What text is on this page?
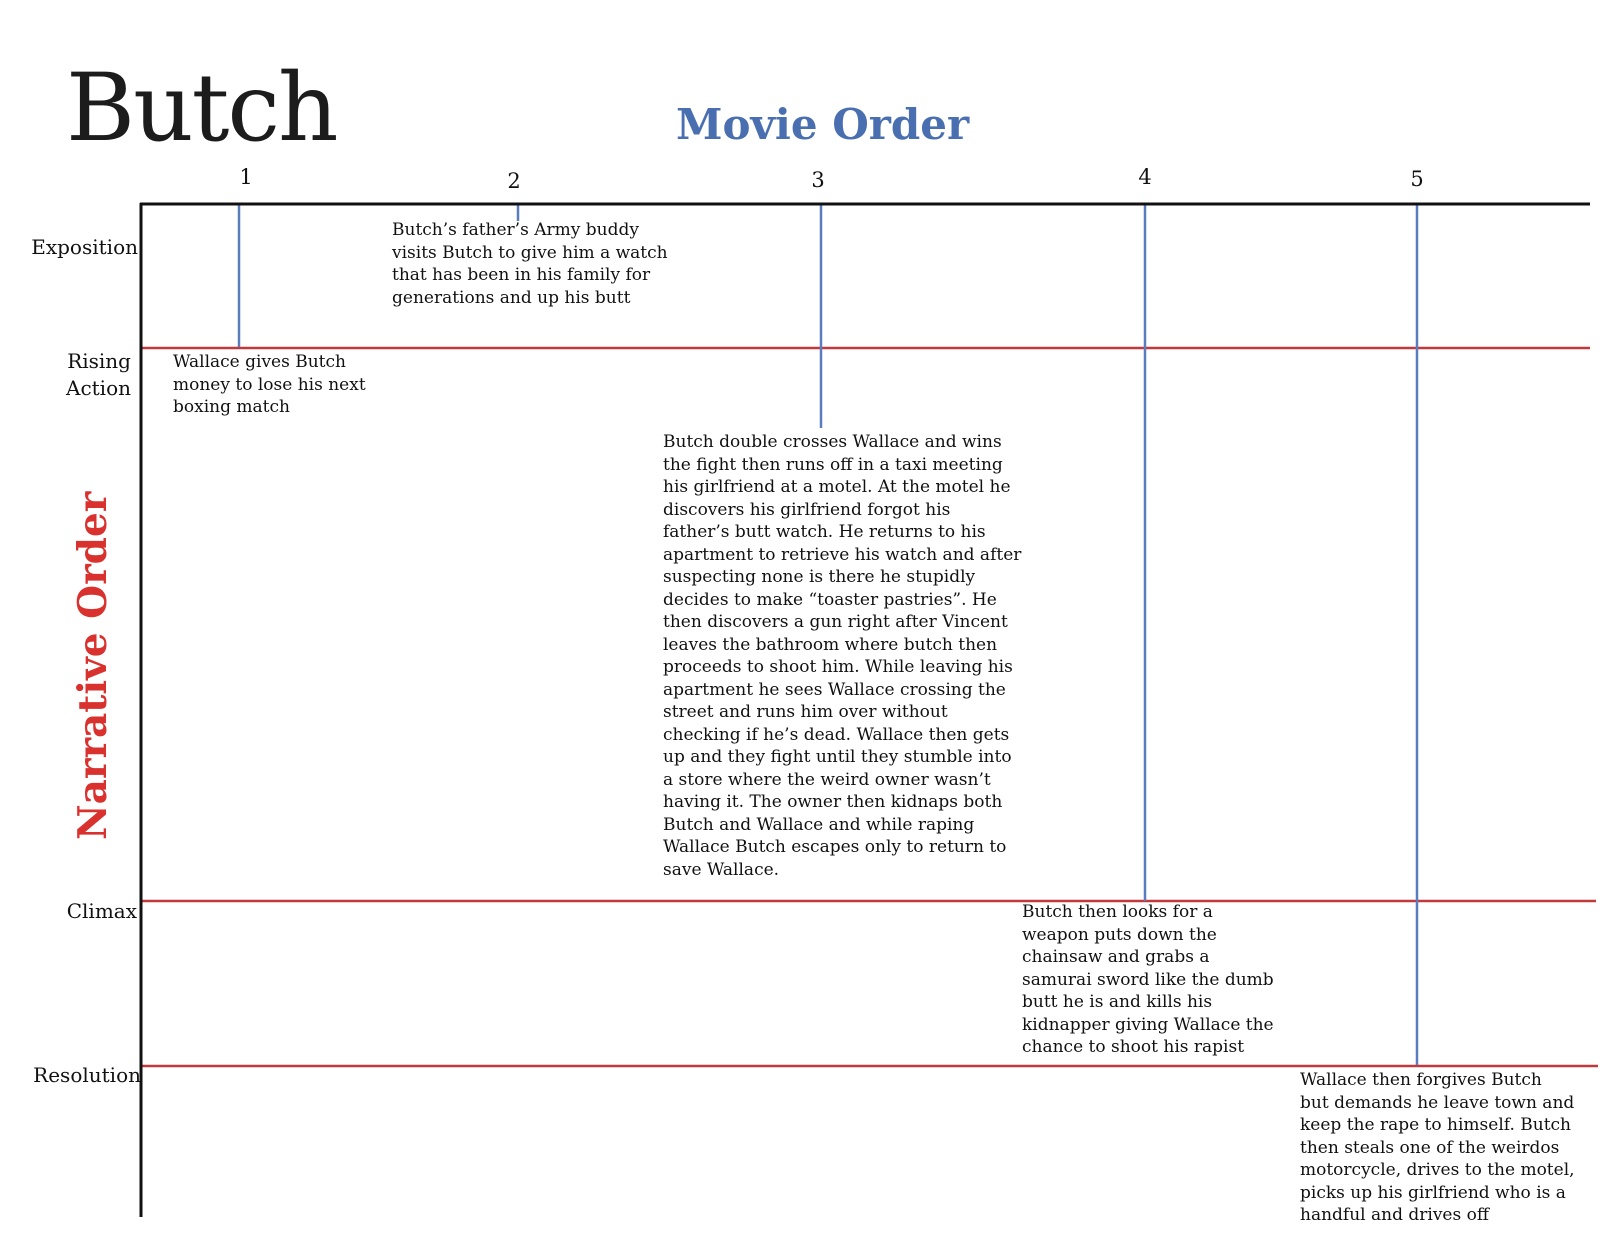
Butch	Movie Order
Narrative Order
1	2	3	4	5
Exposition
Rising
Action
Climax
Resolution
Wallace gives Butch
money to lose his next
boxing match
Butch’s father’s Army buddy
visits Butch to give him a watch
that has been in his family for
generations and up his butt
Butch double crosses Wallace and wins
the fight then runs off in a taxi meeting
his girlfriend at a motel. At the motel he
discovers his girlfriend forgot his
father’s butt watch. He returns to his
apartment to retrieve his watch and after
suspecting none is there he stupidly
decides to make “toaster pastries”. He
then discovers a gun right after Vincent
leaves the bathroom where butch then
proceeds to shoot him. While leaving his
apartment he sees Wallace crossing the
street and runs him over without
checking if he’s dead. Wallace then gets
up and they fight until they stumble into
a store where the weird owner wasn’t
having it. The owner then kidnaps both
Butch and Wallace and while raping
Wallace Butch escapes only to return to
save Wallace.
Butch then looks for a
weapon puts down the
chainsaw and grabs a
samurai sword like the dumb
butt he is and kills his
kidnapper giving Wallace the
chance to shoot his rapist
Wallace then forgives Butch
but demands he leave town and
keep the rape to himself. Butch
then steals one of the weirdos
motorcycle, drives to the motel,
picks up his girlfriend who is a
handful and drives off
